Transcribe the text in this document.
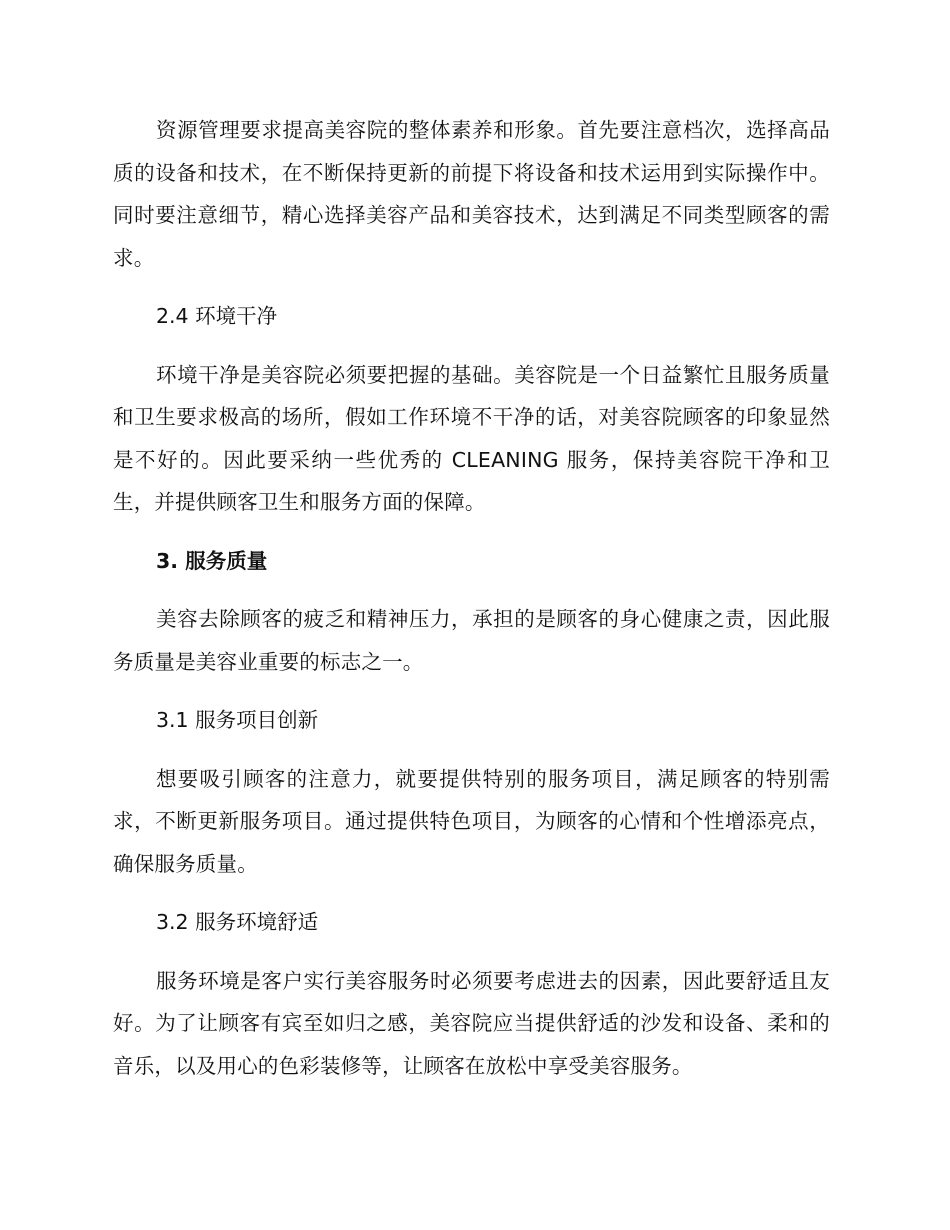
资源管理要求提高美容院的整体素养和形象。首先要注意档次，选择高品质的设备和技术，在不断保持更新的前提下将设备和技术运用到实际操作中。同时要注意细节，精心选择美容产品和美容技术，达到满足不同类型顾客的需求。

2.4 环境干净

环境干净是美容院必须要把握的基础。美容院是一个日益繁忙且服务质量和卫生要求极高的场所，假如工作环境不干净的话，对美容院顾客的印象显然是不好的。因此要采纳一些优秀的 CLEANING 服务，保持美容院干净和卫生，并提供顾客卫生和服务方面的保障。

3. 服务质量

美容去除顾客的疲乏和精神压力，承担的是顾客的身心健康之责，因此服务质量是美容业重要的标志之一。

3.1 服务项目创新

想要吸引顾客的注意力，就要提供特别的服务项目，满足顾客的特别需求，不断更新服务项目。通过提供特色项目，为顾客的心情和个性增添亮点，确保服务质量。

3.2 服务环境舒适

服务环境是客户实行美容服务时必须要考虑进去的因素，因此要舒适且友好。为了让顾客有宾至如归之感，美容院应当提供舒适的沙发和设备、柔和的音乐，以及用心的色彩装修等，让顾客在放松中享受美容服务。
